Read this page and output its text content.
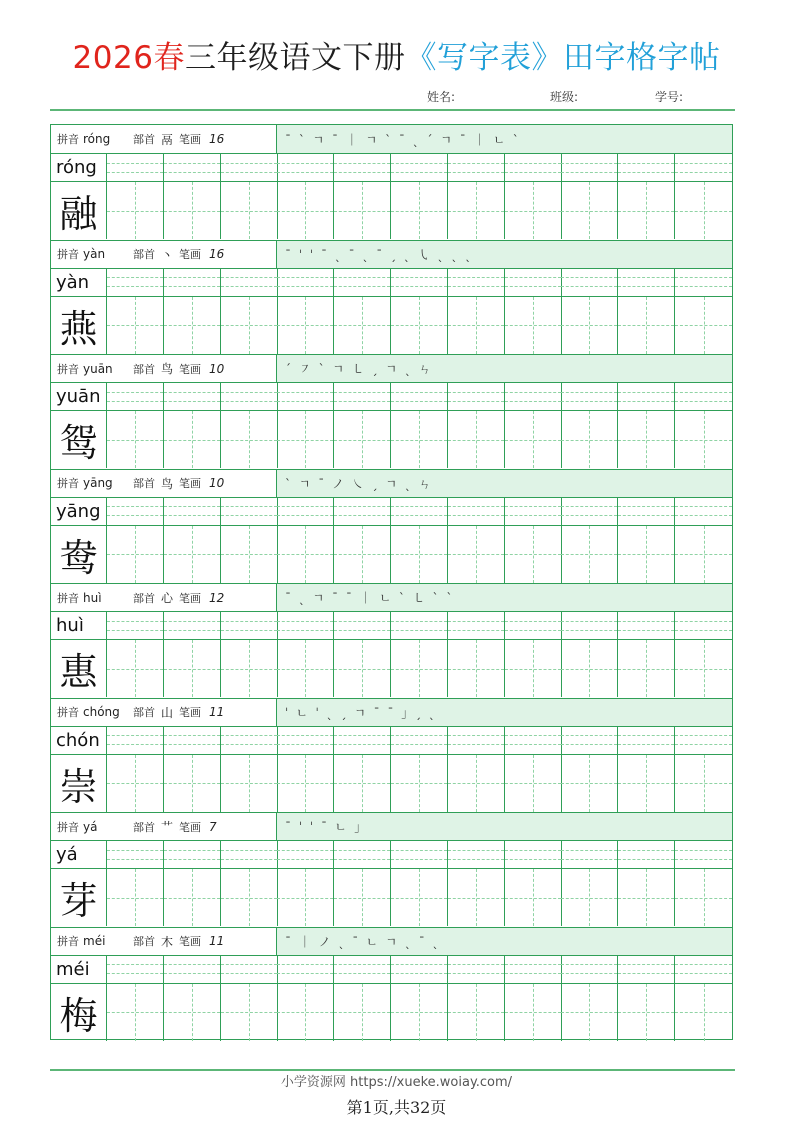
2026春三年级语文下册《写字表》田字格字帖
姓名:	班级:	学号:
拼音 róng	部首 鬲 笔画 16	ˉ ˋ ㄱ ˉ ｜ ㄱ ˋ ˉ ˎ ˊ ㄱ ˉ ｜ ㄴ ˋ
róng
融
拼音 yàn	部首 丶 笔画 16	ˉ ˈ ˈ ˉ ˎ ˉ ˎ ˉ ˏ ˎ ㇂ ˎ ˎ ˎ
yàn
燕
拼音 yuān	部首 鸟 笔画 10	ˊ ㇇ ˋ ㄱ ㇄ ˏ ㄱ ˎ ㄣ
yuān
鸳
拼音 yāng	部首 鸟 笔画 10	ˋ ㄱ ˉ ノ ㇏ ˏ ㄱ ˎ ㄣ
yāng
鸯
拼音 huì	部首 心 笔画 12	ˉ ˎ ㄱ ˉ ˉ ｜ ㄴ ˋ ㇄ ˋ ˋ
huì
惠
拼音 chóng	部首 山 笔画 11	ˈ ㄴ ˈ ˎ ˏ ㄱ ˉ ˉ ｣ ˏ ˎ
chón
崇
拼音 yá	部首 艹 笔画 7	ˉ ˈ ˈ ˉ ㄴ ｣
yá
芽
拼音 méi	部首 木 笔画 11	ˉ ｜ ノ ˎ ˉ ㄴ ㄱ ˎ ˉ ˎ
méi
梅
小学资源网 https://xueke.woiay.com/
第1页,共32页
